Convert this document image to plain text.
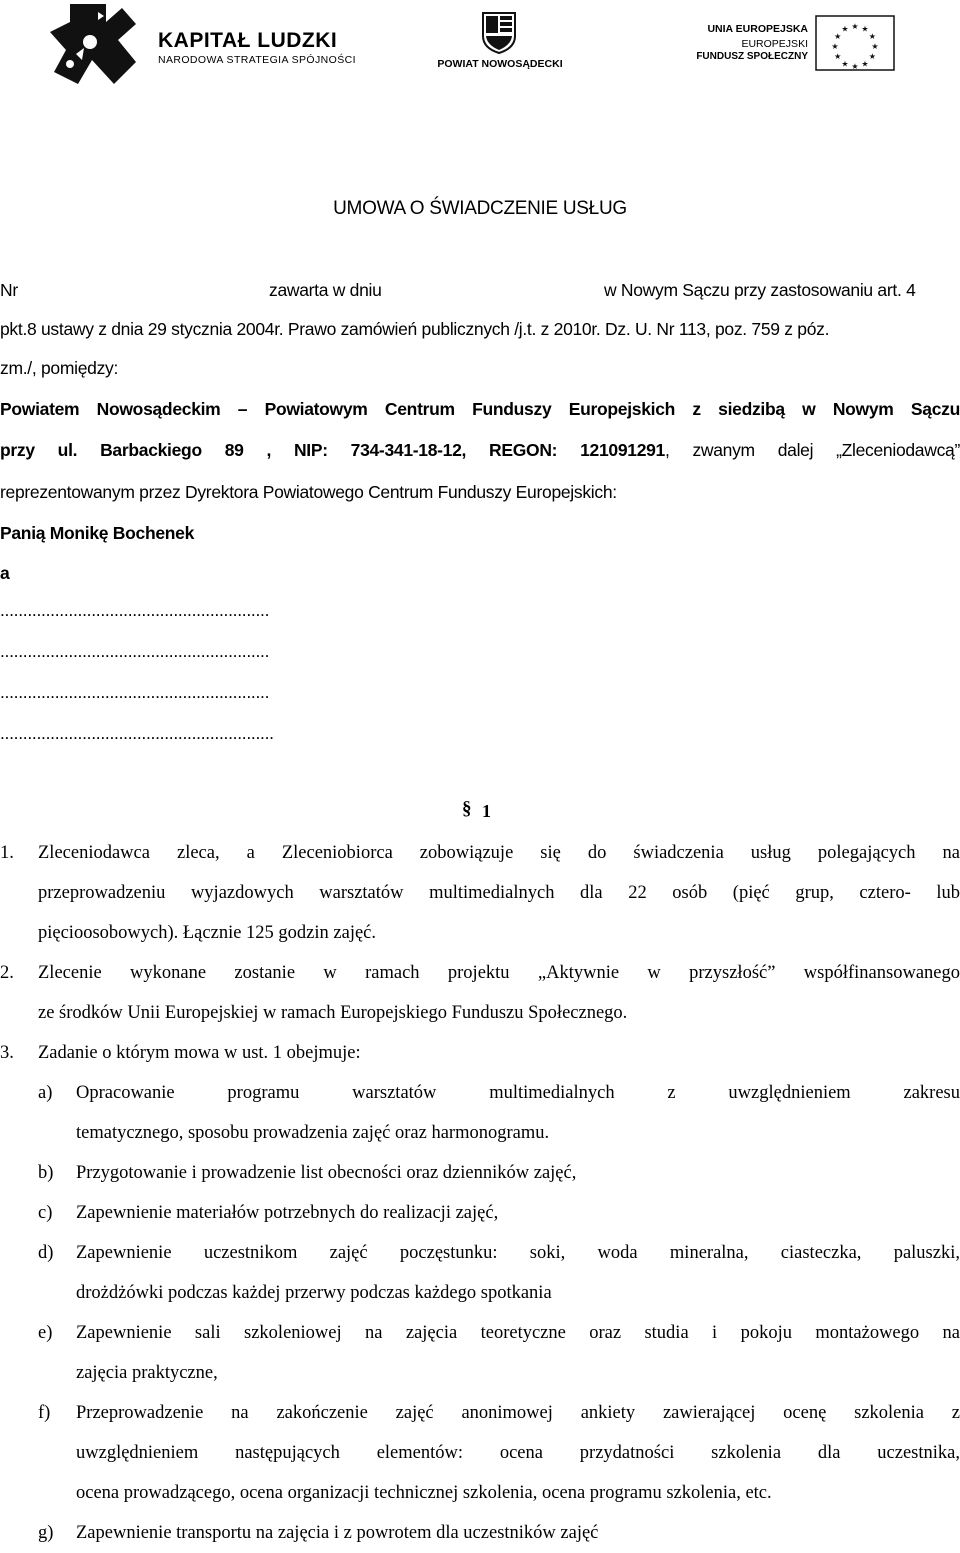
KAPITAŁ LUDZKI
NARODOWA STRATEGIA SPÓJNOŚCI	POWIAT NOWOSĄDECKI
UNIA EUROPEJSKA
EUROPEJSKI
FUNDUSZ SPOŁECZNY
★ ★
★
★
★
★
★
★
★
★
★
★
UMOWA O ŚWIADCZENIE USŁUG
Nr	zawarta w dniu	w Nowym Sączu przy zastosowaniu art. 4
pkt.8 ustawy z dnia 29 stycznia 2004r. Prawo zamówień publicznych /j.t. z 2010r. Dz. U. Nr 113, poz. 759 z póz.
zm./, pomiędzy:
Powiatem Nowosądeckim – Powiatowym Centrum Funduszy Europejskich z siedzibą w Nowym Sączu
przy ul. Barbackiego 89 , NIP: 734-341-18-12, REGON: 121091291, zwanym dalej „Zleceniodawcą”
reprezentowanym przez Dyrektora Powiatowego Centrum Funduszy Europejskich:
Panią Monikę Bochenek
a
...........................................................
...........................................................
...........................................................
............................................................
§ 1
1. Zleceniodawca zleca, a Zleceniobiorca zobowiązuje się do świadczenia usług polegających na
przeprowadzeniu wyjazdowych warsztatów multimedialnych dla 22 osób (pięć grup, cztero- lub
pięcioosobowych). Łącznie 125 godzin zajęć.
2. Zlecenie wykonane zostanie w ramach projektu „Aktywnie w przyszłość” współfinansowanego
ze środków Unii Europejskiej w ramach Europejskiego Funduszu Społecznego.
3. Zadanie o którym mowa w ust. 1 obejmuje:
a) Opracowanie programu warsztatów multimedialnych z uwzględnieniem zakresu
tematycznego, sposobu prowadzenia zajęć oraz harmonogramu.
b) Przygotowanie i prowadzenie list obecności oraz dzienników zajęć,
c) Zapewnienie materiałów potrzebnych do realizacji zajęć,
d) Zapewnienie uczestnikom zajęć poczęstunku: soki, woda mineralna, ciasteczka, paluszki,
drożdżówki podczas każdej przerwy podczas każdego spotkania
e) Zapewnienie sali szkoleniowej na zajęcia teoretyczne oraz studia i pokoju montażowego na
zajęcia praktyczne,
f) Przeprowadzenie na zakończenie zajęć anonimowej ankiety zawierającej ocenę szkolenia z
uwzględnieniem następujących elementów: ocena przydatności szkolenia dla uczestnika,
ocena prowadzącego, ocena organizacji technicznej szkolenia, ocena programu szkolenia, etc.
g) Zapewnienie transportu na zajęcia i z powrotem dla uczestników zajęć
